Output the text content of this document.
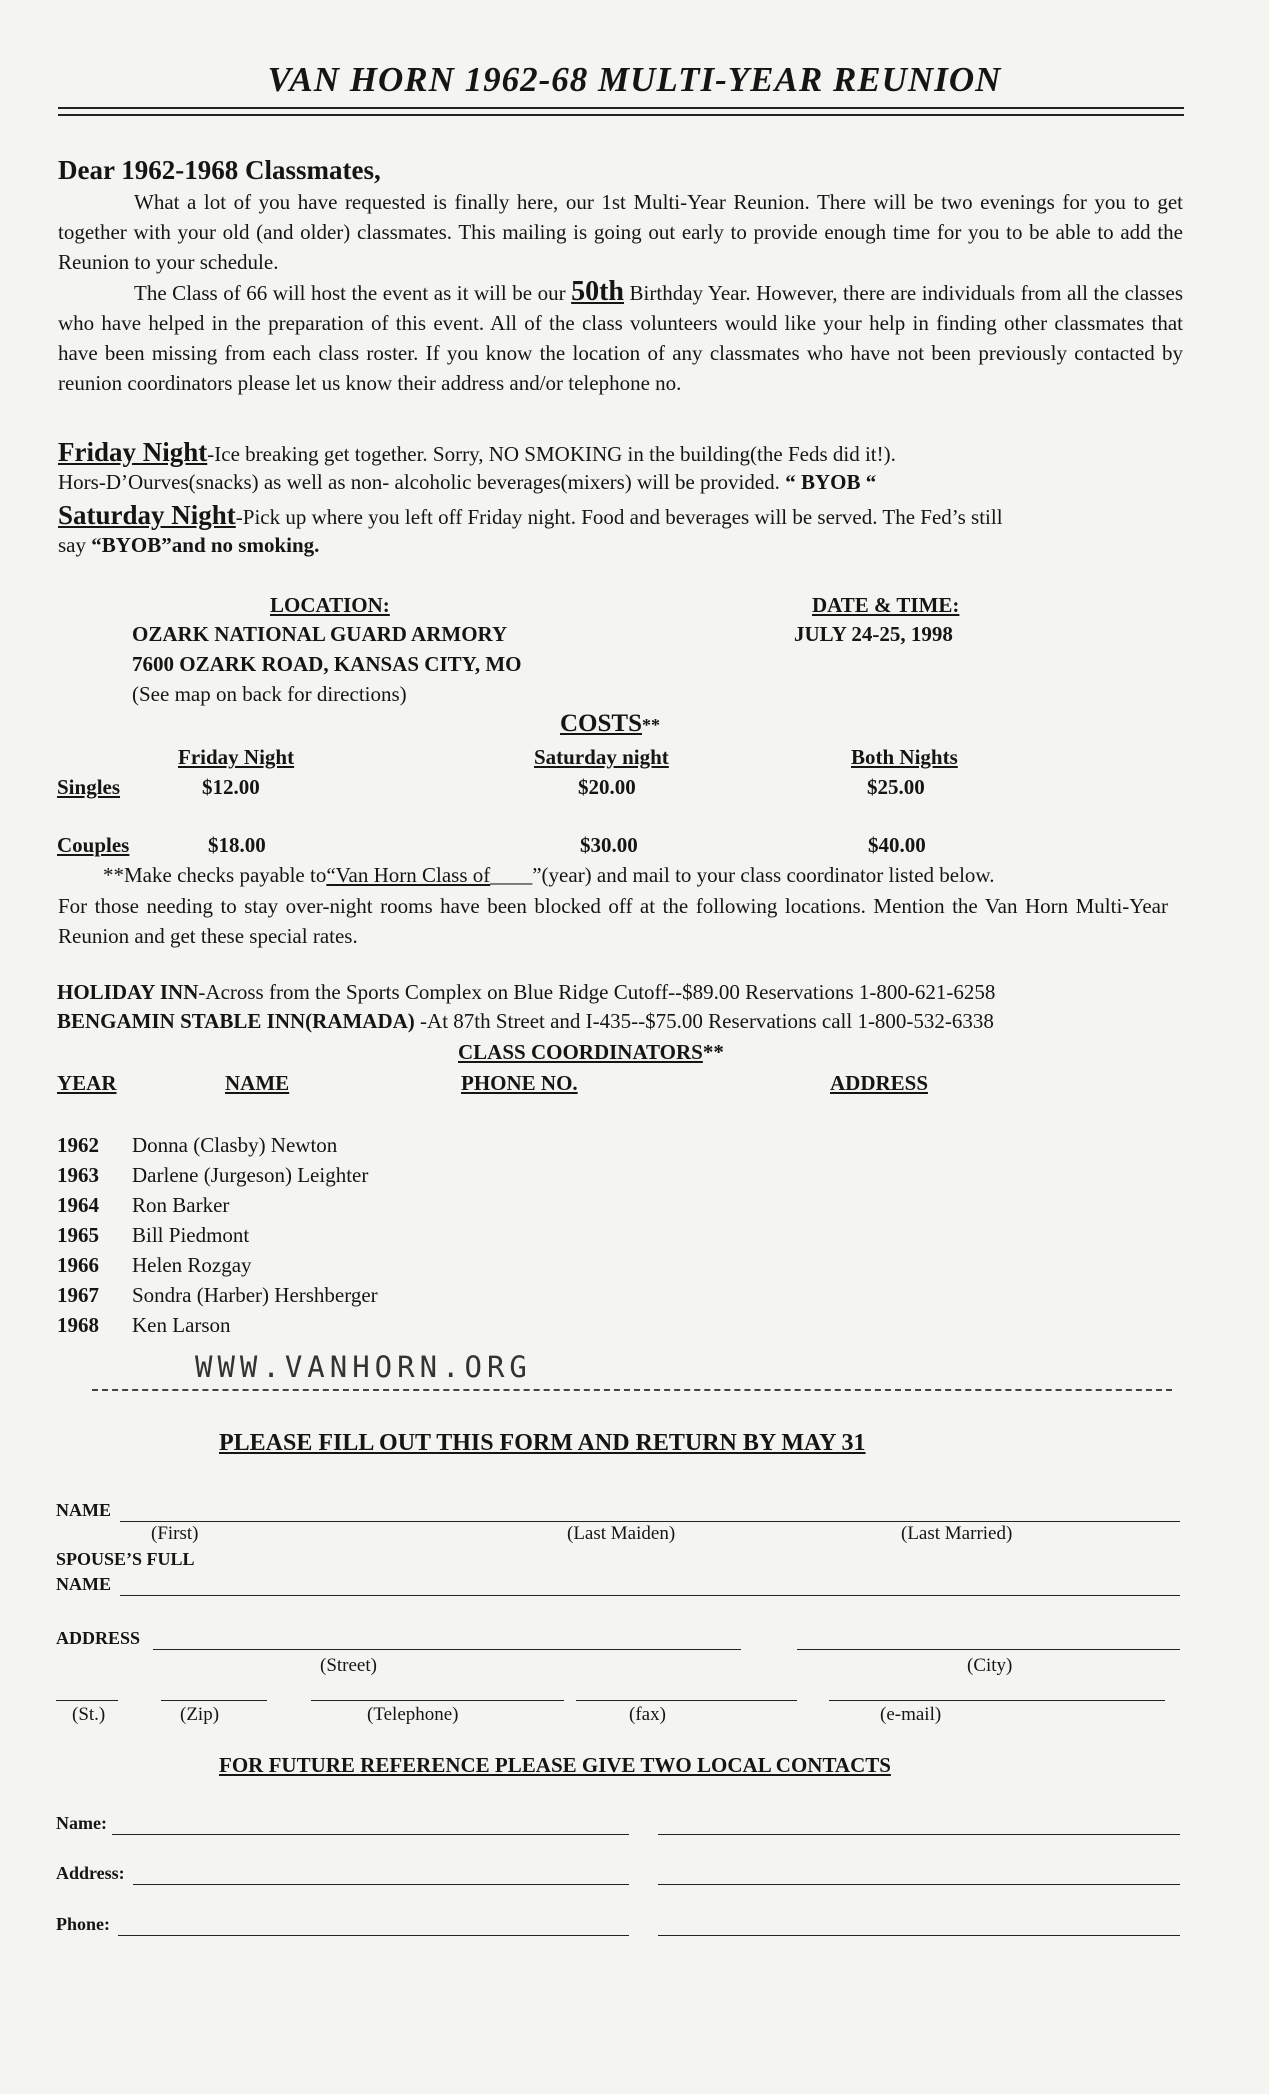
VAN HORN 1962-68 MULTI-YEAR REUNION
Dear 1962-1968 Classmates,

What a lot of you have requested is finally here, our 1st Multi-Year Reunion. There will be two evenings for you to get together with your old (and older) classmates. This mailing is going out early to provide enough time for you to be able to add the Reunion to your schedule.

The Class of 66 will host the event as it will be our 50th Birthday Year. However, there are individuals from all the classes who have helped in the preparation of this event. All of the class volunteers would like your help in finding other classmates that have been missing from each class roster. If you know the location of any classmates who have not been previously contacted by reunion coordinators please let us know their address and/or telephone no.

Friday Night-Ice breaking get together. Sorry, NO SMOKING in the building(the Feds did it!).
Hors-D’Ourves(snacks) as well as non- alcoholic beverages(mixers) will be provided. “ BYOB “
Saturday Night-Pick up where you left off Friday night. Food and beverages will be served. The Fed’s still
say “BYOB”and no smoking.
LOCATION:
OZARK NATIONAL GUARD ARMORY
7600 OZARK ROAD, KANSAS CITY, MO
(See map on back for directions)
DATE & TIME:
JULY 24-25, 1998
COSTS**
Friday Night	Saturday night	Both Nights
Singles	$12.00	$20.00	$25.00
Couples	$18.00	$30.00	$40.00
**Make checks payable to“Van Horn Class of____”(year) and mail to your class coordinator listed below.
For those needing to stay over-night rooms have been blocked off at the following locations. Mention the Van Horn Multi-Year Reunion and get these special rates.
HOLIDAY INN-Across from the Sports Complex on Blue Ridge Cutoff--$89.00 Reservations 1-800-621-6258
BENGAMIN STABLE INN(RAMADA) -At 87th Street and I-435--$75.00 Reservations call 1-800-532-6338
CLASS COORDINATORS**
YEAR	NAME	PHONE NO.	ADDRESS
1962 Donna (Clasby) Newton
1963 Darlene (Jurgeson) Leighter
1964 Ron Barker
1965 Bill Piedmont
1966 Helen Rozgay
1967 Sondra (Harber) Hershberger
1968 Ken Larson
WWW.VANHORN.ORG
PLEASE FILL OUT THIS FORM AND RETURN BY MAY 31
NAME
(First)	(Last Maiden)	(Last Married)
SPOUSE’S FULL
NAME
ADDRESS
(Street)	(City)
(St.)	(Zip)	(Telephone)	(fax)	(e-mail)
FOR FUTURE REFERENCE PLEASE GIVE TWO LOCAL CONTACTS
Name:
Address:
Phone:
